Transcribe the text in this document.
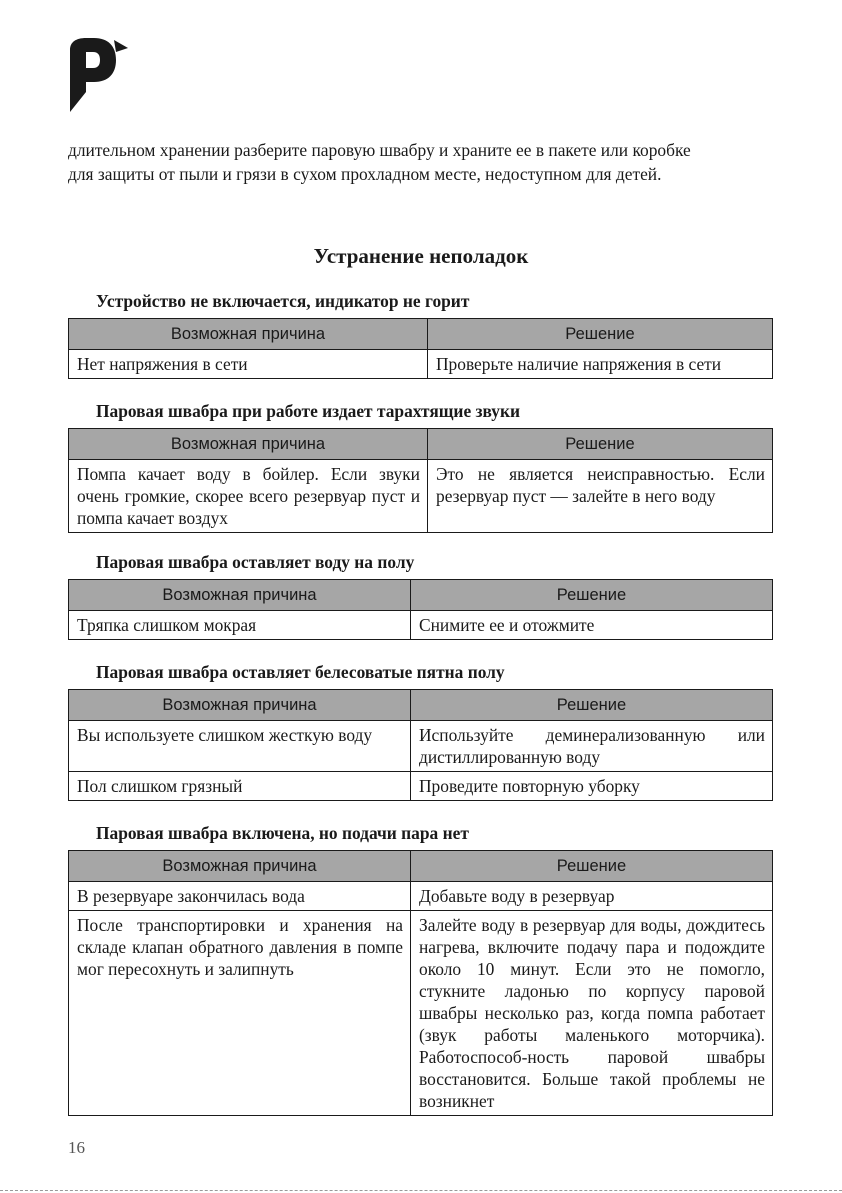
длительном хранении разберите паровую швабру и храните ее в пакете или коробке
для защиты от пыли и грязи в сухом прохладном месте, недоступном для детей.
Устранение неполадок
Устройство не включается, индикатор не горит
Возможная причина	Решение
Нет напряжения в сети	Проверьте наличие напряжения в сети
Паровая швабра при работе издает тарахтящие звуки
Возможная причина	Решение
Помпа качает воду в бойлер. Если звуки очень громкие, скорее всего резервуар пуст и помпа качает воздух	Это не является неисправностью. Если резервуар пуст — залейте в него воду
Паровая швабра оставляет воду на полу
Возможная причина	Решение
Тряпка слишком мокрая	Снимите ее и отожмите
Паровая швабра оставляет белесоватые пятна полу
Возможная причина	Решение
Вы используете слишком жесткую воду	Используйте деминерализованную или дистиллированную воду
Пол слишком грязный	Проведите повторную уборку
Паровая швабра включена, но подачи пара нет
Возможная причина	Решение
В резервуаре закончилась вода	Добавьте воду в резервуар
После транспортировки и хранения на складе клапан обратного давления в помпе мог пересохнуть и залипнуть	Залейте воду в резервуар для воды, дождитесь нагрева, включите подачу пара и подождите около 10 минут. Если это не помогло, стукните ладонью по корпусу паровой швабры несколько раз, когда помпа работает (звук работы маленького моторчика). Работоспособ-ность паровой швабры восстановится. Больше такой проблемы не возникнет
16
